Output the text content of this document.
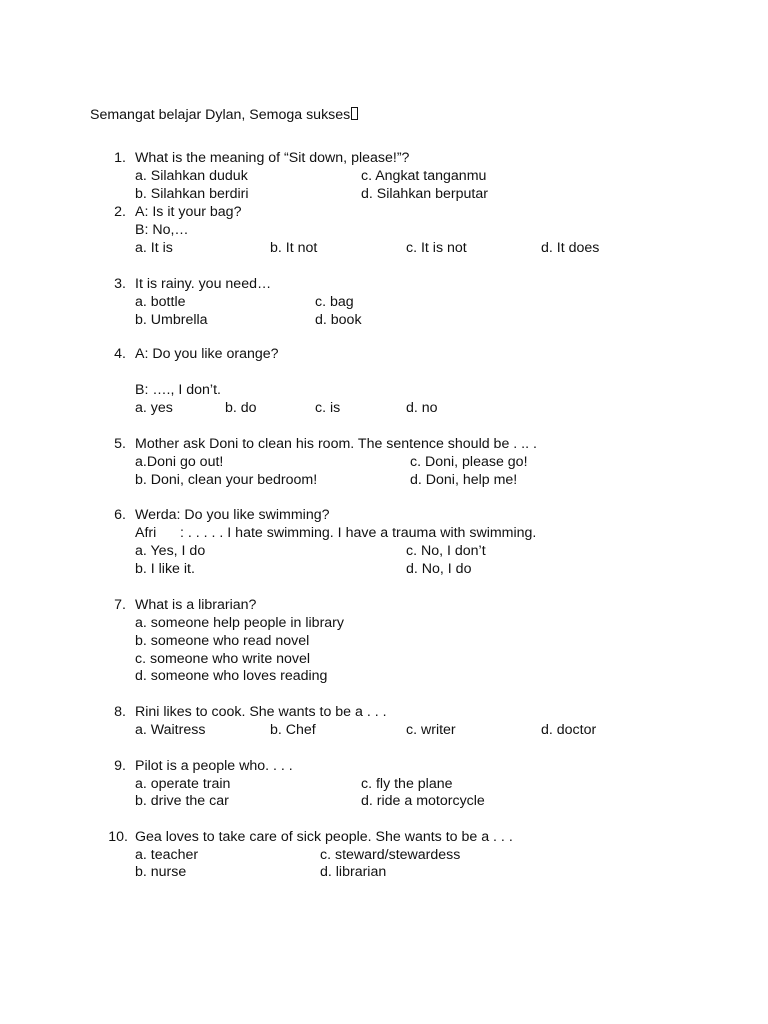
Semangat belajar Dylan, Semoga sukses
1. What is the meaning of “Sit down, please!”?
a. Silahkan duduk
b. Silahkan berdiri
c. Angkat tanganmu
d. Silahkan berputar
2. A: Is it your bag?
B: No,…
a. It is	b. It not	c. It is not	d. It does
3. It is rainy. you need…
a. bottle
b. Umbrella
c. bag
d. book
4. A: Do you like orange?
B: …., I don’t.
a. yes	b. do	c. is	d. no
5. Mother ask Doni to clean his room. The sentence should be . .. .
a.Doni go out!
b. Doni, clean your bedroom!
c. Doni, please go!
d. Doni, help me!
6. Werda: Do you like swimming?
Afri : . . . . . I hate swimming. I have a trauma with swimming.
a. Yes, I do
b. I like it.
c. No, I don’t
d. No, I do
7. What is a librarian?
a. someone help people in library
b. someone who read novel
c. someone who write novel
d. someone who loves reading
8. Rini likes to cook. She wants to be a . . .
a. Waitress	b. Chef	c. writer	d. doctor
9. Pilot is a people who. . . .
a. operate train
b. drive the car
c. fly the plane
d. ride a motorcycle
10. Gea loves to take care of sick people. She wants to be a . . .
a. teacher
b. nurse
c. steward/stewardess
d. librarian
